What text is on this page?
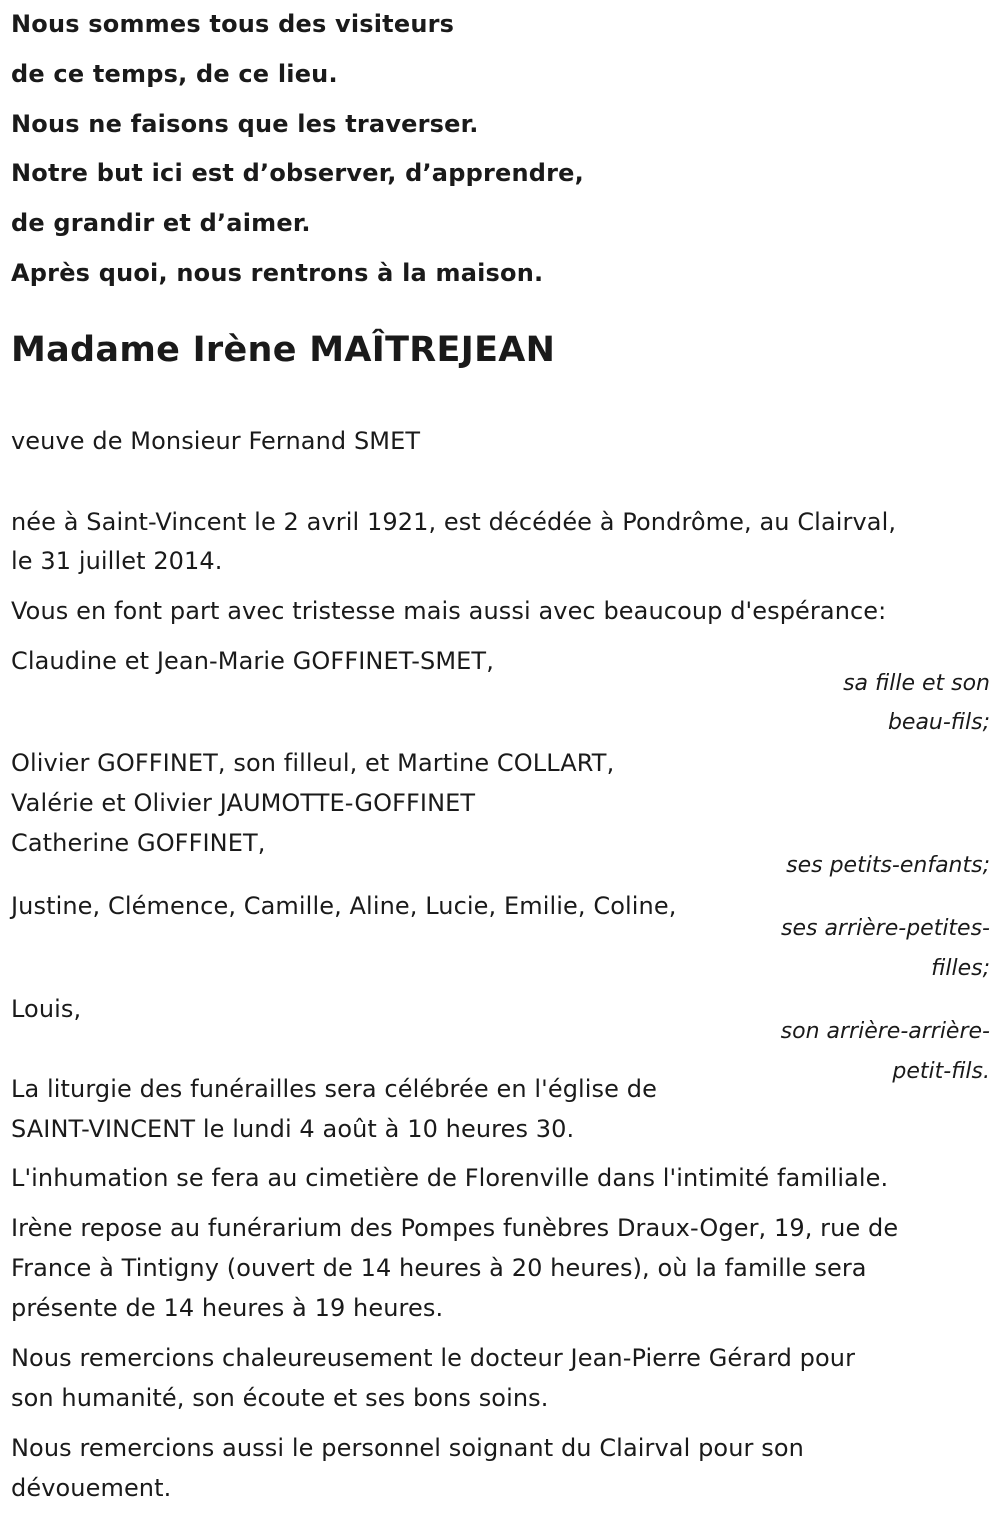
Nous sommes tous des visiteurs
de ce temps, de ce lieu.
Nous ne faisons que les traverser.
Notre but ici est d’observer, d’apprendre,
de grandir et d’aimer.
Après quoi, nous rentrons à la maison.
Madame Irène MAÎTREJEAN
veuve de Monsieur Fernand SMET
née à Saint-Vincent le 2 avril 1921, est décédée à Pondrôme, au Clairval,
le 31 juillet 2014.
Vous en font part avec tristesse mais aussi avec beaucoup d'espérance:
Claudine et Jean-Marie GOFFINET-SMET,
sa fille et son
beau-fils;
Olivier GOFFINET, son filleul, et Martine COLLART,
Valérie et Olivier JAUMOTTE-GOFFINET
Catherine GOFFINET,
ses petits-enfants;
Justine, Clémence, Camille, Aline, Lucie, Emilie, Coline,
ses arrière-petites-
filles;
Louis,
son arrière-arrière-
petit-fils.
La liturgie des funérailles sera célébrée en l'église de
SAINT-VINCENT le lundi 4 août à 10 heures 30.
L'inhumation se fera au cimetière de Florenville dans l'intimité familiale.
Irène repose au funérarium des Pompes funèbres Draux-Oger, 19, rue de
France à Tintigny (ouvert de 14 heures à 20 heures), où la famille sera
présente de 14 heures à 19 heures.
Nous remercions chaleureusement le docteur Jean-Pierre Gérard pour
son humanité, son écoute et ses bons soins.
Nous remercions aussi le personnel soignant du Clairval pour son
dévouement.
